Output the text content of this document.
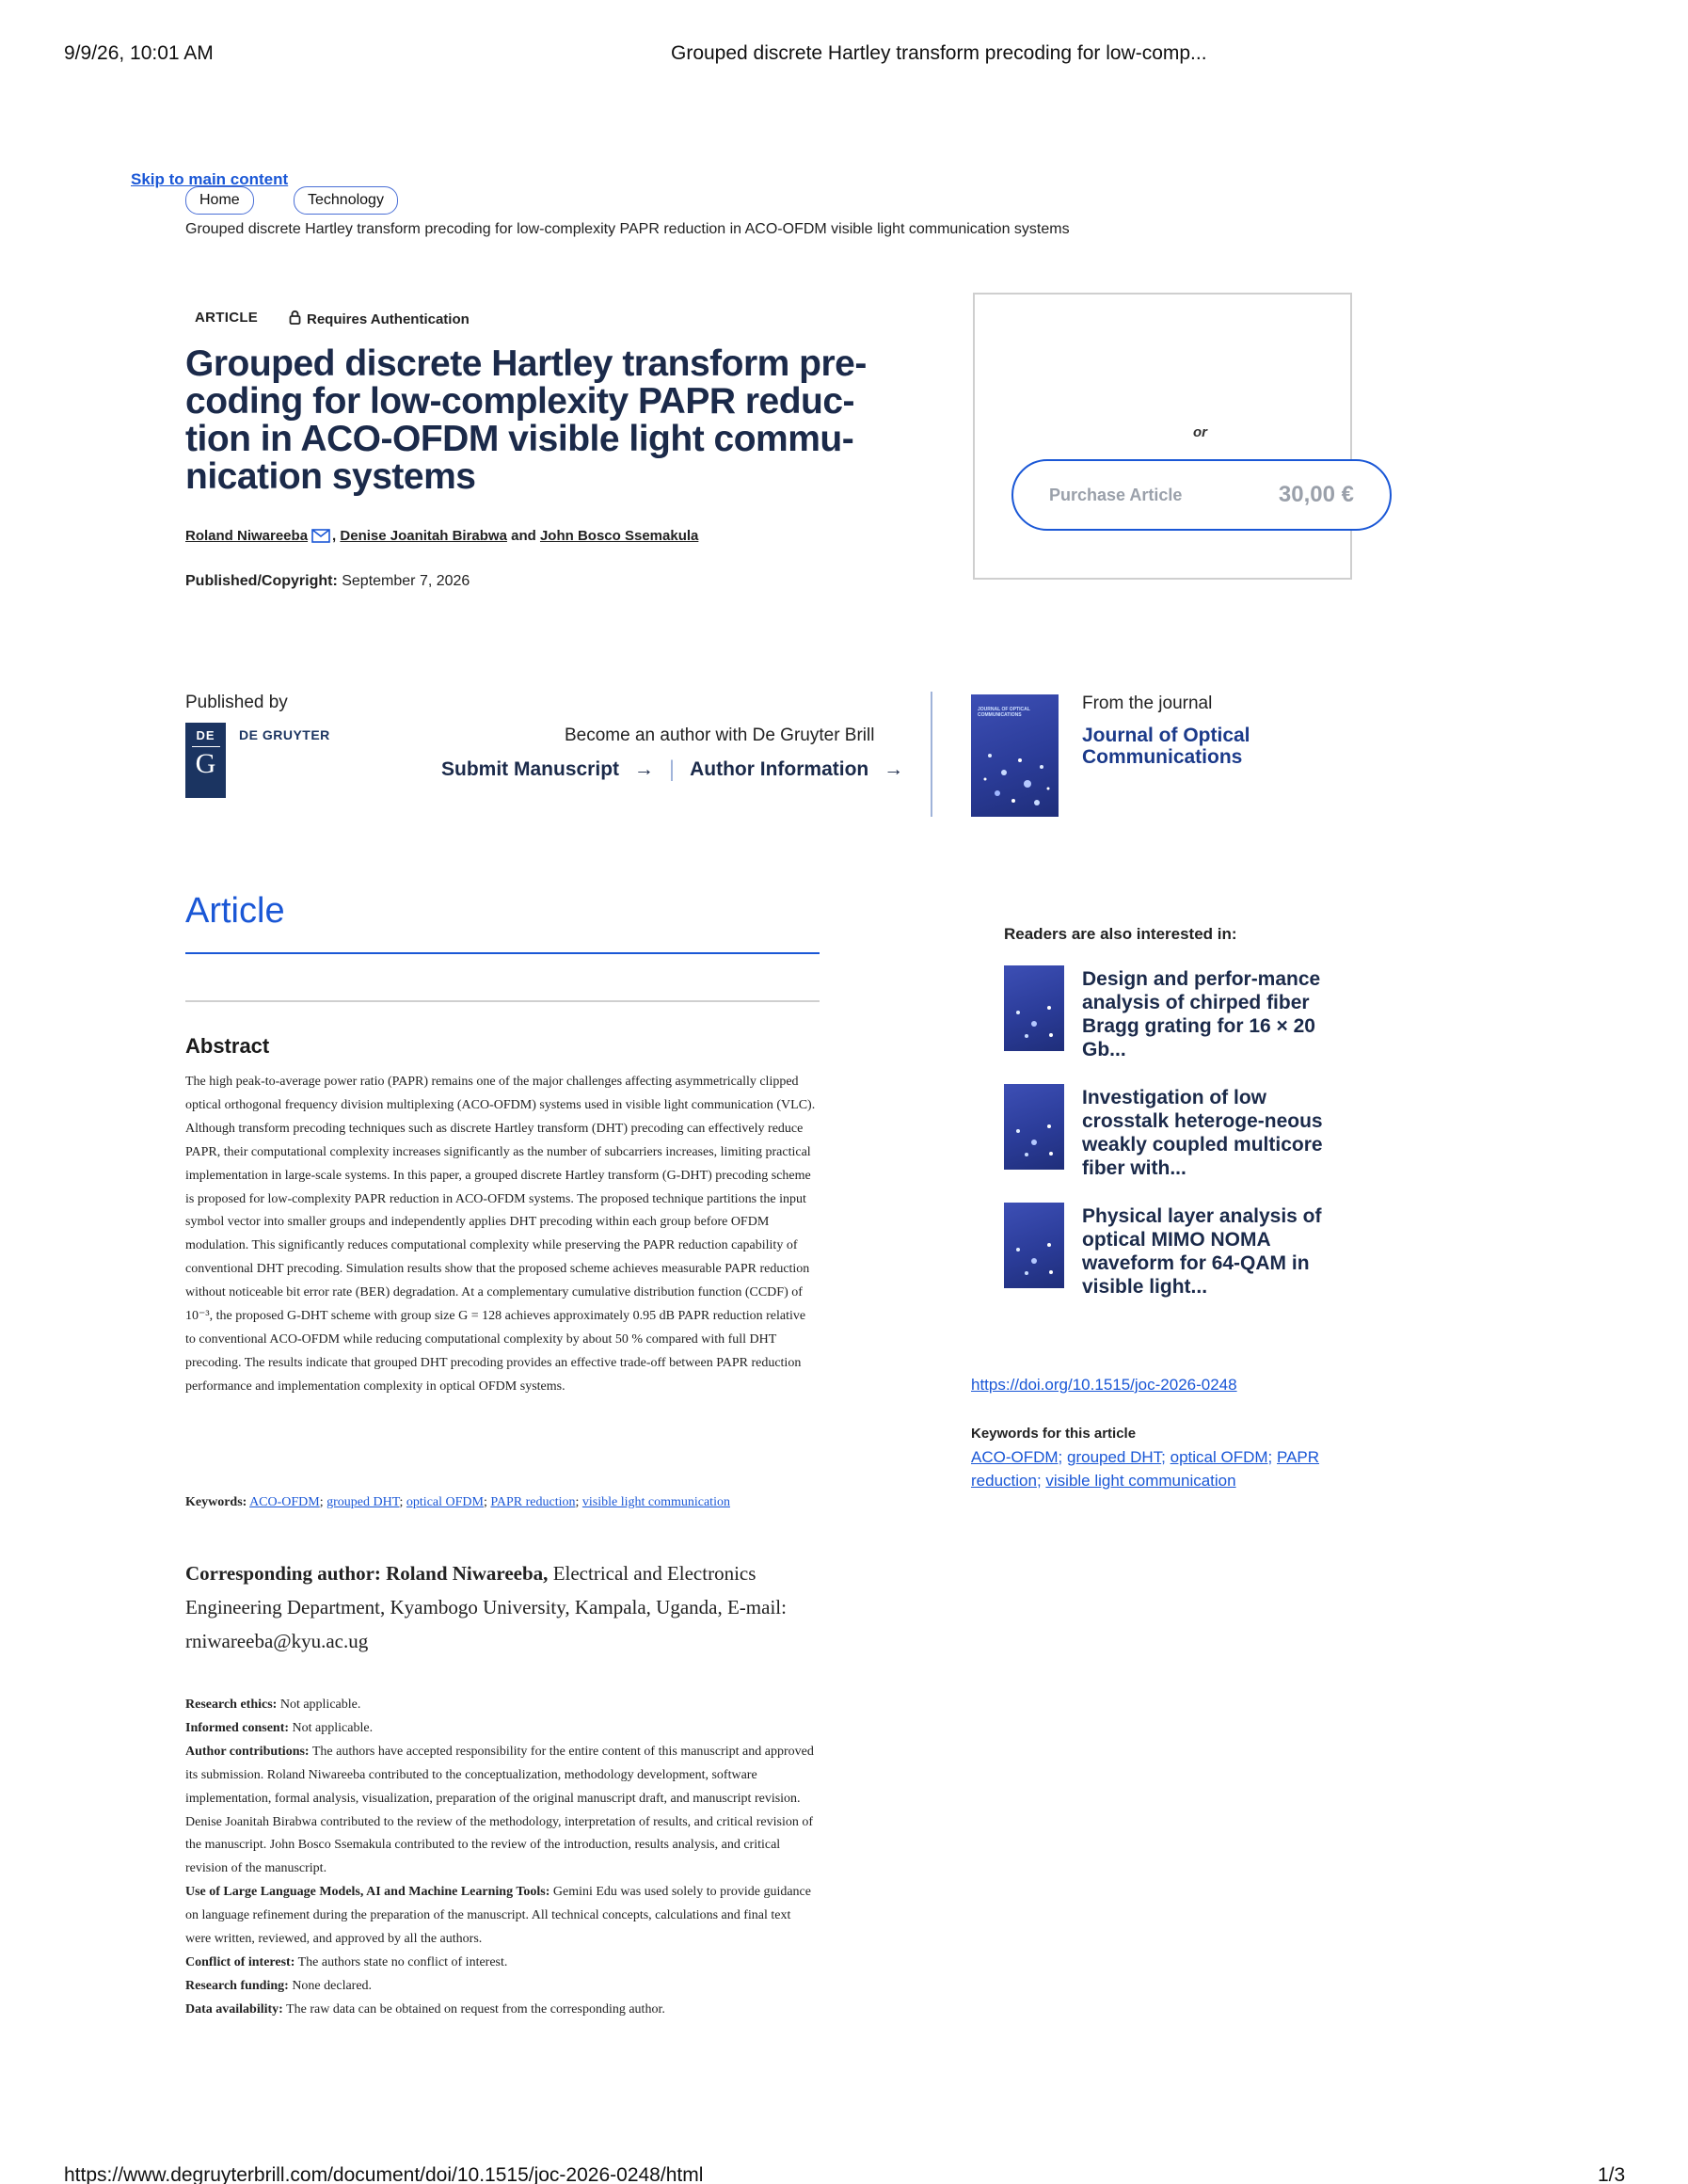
9/9/26, 10:01 AM	Grouped discrete Hartley transform precoding for low-comp...
Skip to main content
Home	Technology
Grouped discrete Hartley transform precoding for low-complexity PAPR reduction in ACO-OFDM visible light communication systems
ARTICLE	Requires Authentication
Grouped discrete Hartley transform pre-
coding for low-complexity PAPR reduc-
tion in ACO-OFDM visible light commu-
nication systems
Roland Niwareeba ,
Denise Joanitah Birabwa
and
John Bosco Ssemakula
Published/Copyright: September 7, 2026
or
Purchase Article	30,00 €
Published by
DE
G
DE GRUYTER	Become an author with De Gruyter Brill
Submit Manuscript → | Author Information →
JOURNAL OF OPTICAL COMMUNICATIONS
From the journal
Journal of Optical Communications
Article
Abstract
The high peak-to-average power ratio (PAPR) remains one of the major challenges affecting asymmetrically clipped optical orthogonal frequency division multiplexing (ACO-OFDM) systems used in visible light communication (VLC). Although transform precoding techniques such as discrete Hartley transform (DHT) precoding can effectively reduce PAPR, their computational complexity increases significantly as the number of subcarriers increases, limiting practical implementation in large-scale systems. In this paper, a grouped discrete Hartley transform (G-DHT) precoding scheme is proposed for low-complexity PAPR reduction in ACO-OFDM systems. The proposed technique partitions the input symbol vector into smaller groups and independently applies DHT precoding within each group before OFDM modulation. This significantly reduces computational complexity while preserving the PAPR reduction capability of conventional DHT precoding. Simulation results show that the proposed scheme achieves measurable PAPR reduction without noticeable bit error rate (BER) degradation. At a complementary cumulative distribution function (CCDF) of 10⁻³, the proposed G-DHT scheme with group size G = 128 achieves approximately 0.95 dB PAPR reduction relative to conventional ACO-OFDM while reducing computational complexity by about 50 % compared with full DHT precoding. The results indicate that grouped DHT precoding provides an effective trade-off between PAPR reduction performance and implementation complexity in optical OFDM systems.
Keywords: ACO-OFDM; grouped DHT; optical OFDM; PAPR reduction; visible light communication
Corresponding author: Roland Niwareeba, Electrical and Electronics Engineering Department, Kyambogo University, Kampala, Uganda, E-mail: rniwareeba@kyu.ac.ug
Research ethics: Not applicable.
Informed consent: Not applicable.
Author contributions: The authors have accepted responsibility for the entire content of this manuscript and approved its submission. Roland Niwareeba contributed to the conceptualization, methodology development, software implementation, formal analysis, visualization, preparation of the original manuscript draft, and manuscript revision. Denise Joanitah Birabwa contributed to the review of the methodology, interpretation of results, and critical revision of the manuscript. John Bosco Ssemakula contributed to the review of the introduction, results analysis, and critical revision of the manuscript.
Use of Large Language Models, AI and Machine Learning Tools: Gemini Edu was used solely to provide guidance on language refinement during the preparation of the manuscript. All technical concepts, calculations and final text were written, reviewed, and approved by all the authors.
Conflict of interest: The authors state no conflict of interest.
Research funding: None declared.
Data availability: The raw data can be obtained on request from the corresponding author.
Readers are also interested in:
Design and perfor-mance analysis of chirped fiber Bragg grating for 16 × 20 Gb...
Investigation of low crosstalk heteroge-neous weakly coupled multicore fiber with...
Physical layer analysis of optical MIMO NOMA waveform for 64-QAM in visible light...
https://doi.org/10.1515/joc-2026-0248
Keywords for this article
ACO-OFDM; grouped DHT; optical OFDM; PAPR reduction; visible light communication
https://www.degruyterbrill.com/document/doi/10.1515/joc-2026-0248/html	1/3
